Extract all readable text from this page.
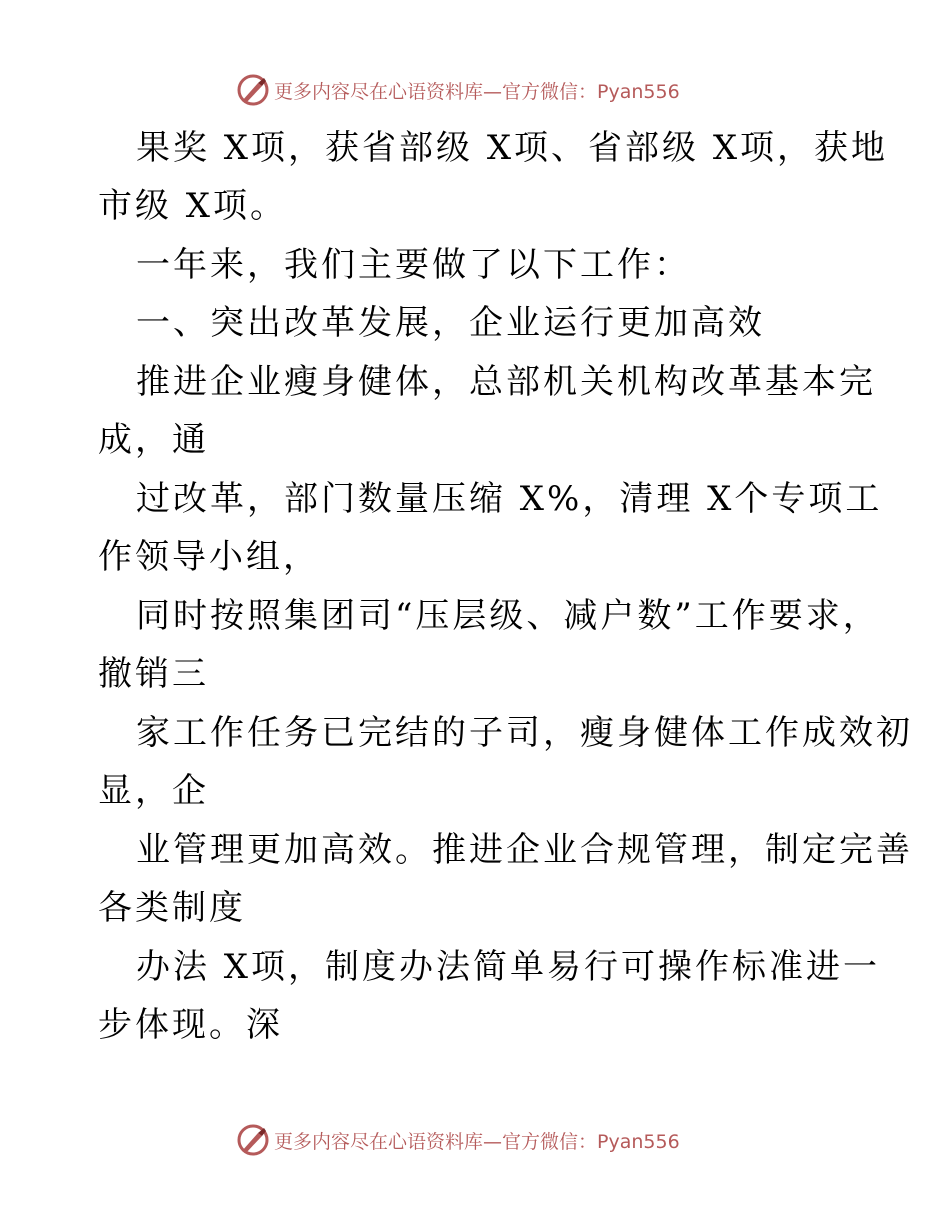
更多内容尽在心语资料库—官方微信：Pyan556
果奖 X项，获省部级 X项、省部级 X项，获地
市级 X项。
一年来，我们主要做了以下工作：
一、突出改革发展，企业运行更加高效
推进企业瘦身健体，总部机关机构改革基本完
成，通
过改革，部门数量压缩 X%，清理 X个专项工
作领导小组，
同时按照集团司“压层级、减户数”工作要求，
撤销三
家工作任务已完结的子司，瘦身健体工作成效初
显，企
业管理更加高效。推进企业合规管理，制定完善
各类制度
办法 X项，制度办法简单易行可操作标准进一
步体现。深
更多内容尽在心语资料库—官方微信：Pyan556
